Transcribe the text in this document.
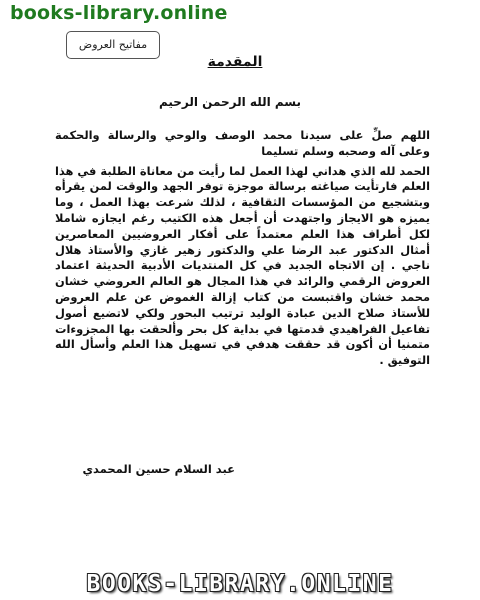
books-library.online
مفاتيح العروض
المقدمة
بسم الله الرحمن الرحيم

اللهم صلِّ على سيدنا محمد الوصف والوحي والرسالة والحكمة وعلى آله وصحبه وسلم تسليما

الحمد لله الذي هداني لهذا العمل لما رأيت من معاناة الطلبة في هذا العلم فارتأيت صياغته برسالة موجزة توفر الجهد والوقت لمن يقرأه وبتشجيع من المؤسسات الثقافية ، لذلك شرعت بهذا العمل ، وما يميزه هو الايجاز واجتهدت أن أجعل هذه الكتيب رغم ايجازه شاملا لكل أطراف هذا العلم معتمداً على أفكار العروضيين المعاصرين أمثال الدكتور عبد الرضا علي والدكتور زهير غازي والأستاذ هلال ناجي . إن الاتجاه الجديد في كل المنتديات الأدبية الحديثة اعتماد العروض الرقمي والرائد في هذا المجال هو العالم العروضي خشان محمد خشان واقتبست من كتاب إزالة الغموض عن علم العروض للأستاذ صلاح الدين عبادة الوليد ترتيب البحور ولكي لاتضيع أصول تفاعيل الفراهيدي قدمتها في بداية كل بحر وألحقت بها المجزوءات متمنيا أن أكون قد حققت هدفي في تسهيل هذا العلم وأسأل الله التوفيق .

عبد السلام حسين المحمدي
BOOKS-LIBRARY.ONLINE
